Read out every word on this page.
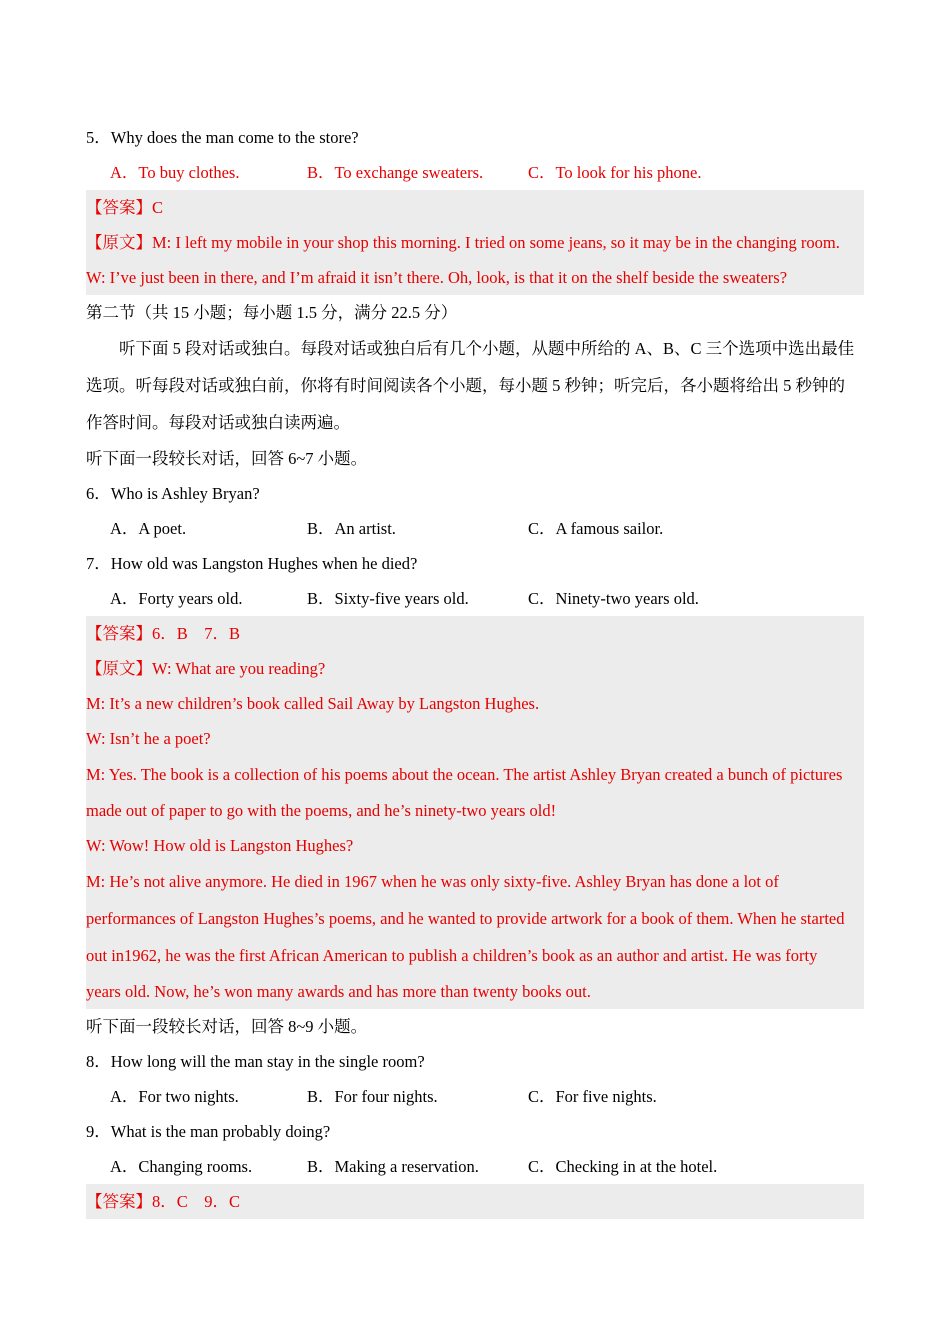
5．Why does the man come to the store?
A．To buy clothes.	B．To exchange sweaters.	C．To look for his phone.
【答案】C
【原文】M: I left my mobile in your shop this morning. I tried on some jeans, so it may be in the changing room.
W: I’ve just been in there, and I’m afraid it isn’t there. Oh, look, is that it on the shelf beside the sweaters?
第二节（共 15 小题；每小题 1.5 分，满分 22.5 分）
听下面 5 段对话或独白。每段对话或独白后有几个小题，从题中所给的 A、B、C 三个选项中选出最佳
选项。听每段对话或独白前，你将有时间阅读各个小题，每小题 5 秒钟；听完后，各小题将给出 5 秒钟的
作答时间。每段对话或独白读两遍。
听下面一段较长对话，回答 6~7 小题。
6．Who is Ashley Bryan?
A．A poet.	B．An artist.	C．A famous sailor.
7．How old was Langston Hughes when he died?
A．Forty years old.	B．Sixty-five years old.	C．Ninety-two years old.
【答案】6．B　7．B
【原文】W: What are you reading?
M: It’s a new children’s book called Sail Away by Langston Hughes.
W: Isn’t he a poet?
M: Yes. The book is a collection of his poems about the ocean. The artist Ashley Bryan created a bunch of pictures
made out of paper to go with the poems, and he’s ninety-two years old!
W: Wow! How old is Langston Hughes?
M: He’s not alive anymore. He died in 1967 when he was only sixty-five. Ashley Bryan has done a lot of
performances of Langston Hughes’s poems, and he wanted to provide artwork for a book of them. When he started
out in1962, he was the first African American to publish a children’s book as an author and artist. He was forty
years old. Now, he’s won many awards and has more than twenty books out.
听下面一段较长对话，回答 8~9 小题。
8．How long will the man stay in the single room?
A．For two nights.	B．For four nights.	C．For five nights.
9．What is the man probably doing?
A．Changing rooms.	B．Making a reservation.	C．Checking in at the hotel.
【答案】8．C　9．C
